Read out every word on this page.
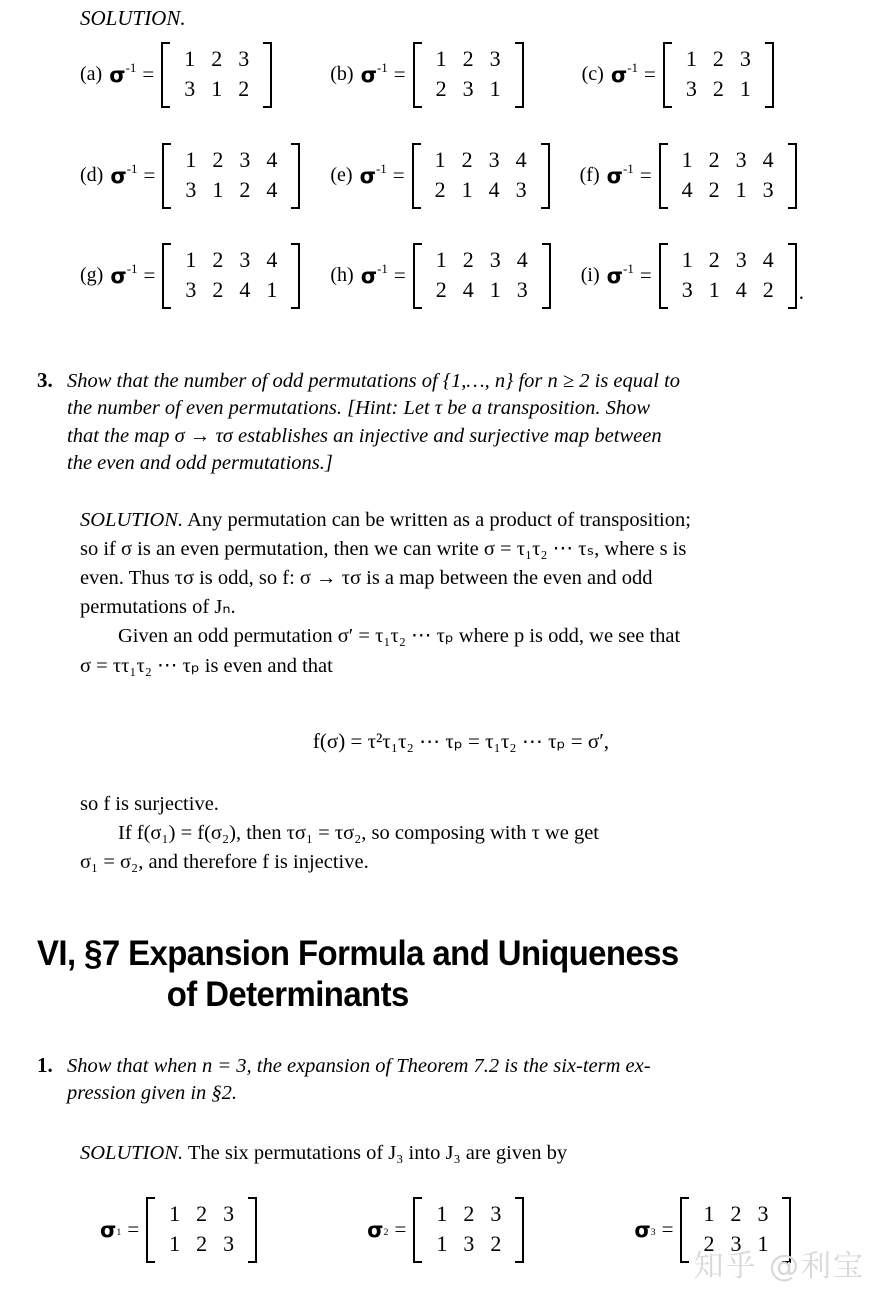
SOLUTION.
(a) σ -1 =
1 2 3
3 1 2
(b) σ -1 =
1 2 3
2 3 1
(c) σ -1 =
1 2 3
3 2 1
(d) σ -1 =
1 2 3 4
3 1 2 4
(e) σ -1 =
1 2 3 4
2 1 4 3
(f) σ -1 =
1 2 3 4
4 2 1 3
(g) σ -1 =
1 2 3 4
3 2 4 1
(h) σ -1 =
1 2 3 4
2 4 1 3
(i) σ -1 =
1 2 3 4
3 1 4 2	.
3. Show that the number of odd permutations of {1,…, n} for n ≥ 2 is equal to
the number of even permutations. [Hint: Let τ be a transposition. Show
that the map σ → τσ establishes an injective and surjective map between
the even and odd permutations.]
SOLUTION. Any permutation can be written as a product of transposition;
so if σ is an even permutation, then we can write σ = τ₁τ₂ ⋯ τₛ, where s is
even. Thus τσ is odd, so f: σ → τσ is a map between the even and odd
permutations of Jₙ.
Given an odd permutation σ′ = τ₁τ₂ ⋯ τₚ where p is odd, we see that
σ = ττ₁τ₂ ⋯ τₚ is even and that
f(σ) = τ²τ₁τ₂ ⋯ τₚ = τ₁τ₂ ⋯ τₚ = σ′,
so f is surjective.
If f(σ₁) = f(σ₂), then τσ₁ = τσ₂, so composing with τ we get
σ₁ = σ₂, and therefore f is injective.
VI, §7 Expansion Formula and Uniqueness
of Determinants
1. Show that when n = 3, the expansion of Theorem 7.2 is the six-term ex-
pression given in §2.
SOLUTION. The six permutations of J₃ into J₃ are given by
$\sigma_1$ =
1 2 3
1 2 3
$\sigma_2$ =
1 2 3
1 3 2
$\sigma_3$ =
1 2 3
2 3 1
知乎 @利宝
